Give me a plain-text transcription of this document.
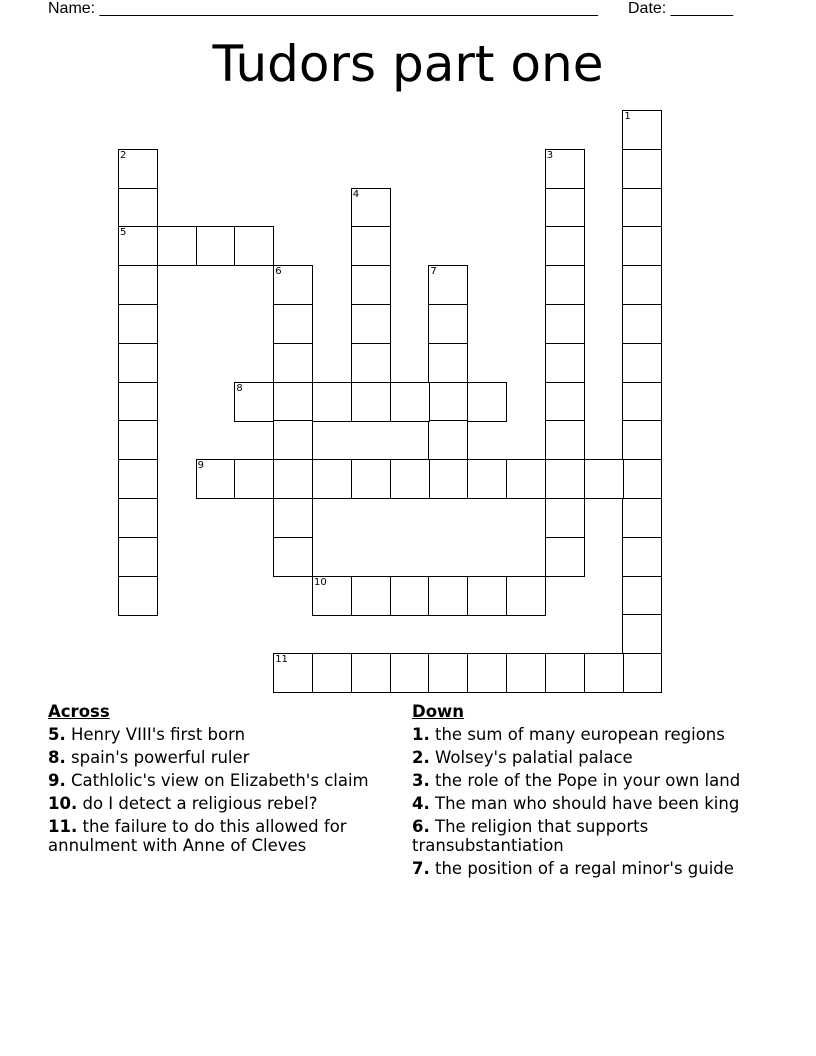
Name: ________________________________________________________ Date: _______
Tudors part one
1
2
5
3
4
6	7
8
9
10
11
Across
5. Henry VIII's first born
8. spain's powerful ruler
9. Cathlolic's view on Elizabeth's claim
10. do I detect a religious rebel?
11. the failure to do this allowed for annulment with Anne of Cleves
Down
1. the sum of many european regions
2. Wolsey's palatial palace
3. the role of the Pope in your own land
4. The man who should have been king
6. The religion that supports transubstantiation
7. the position of a regal minor's guide
